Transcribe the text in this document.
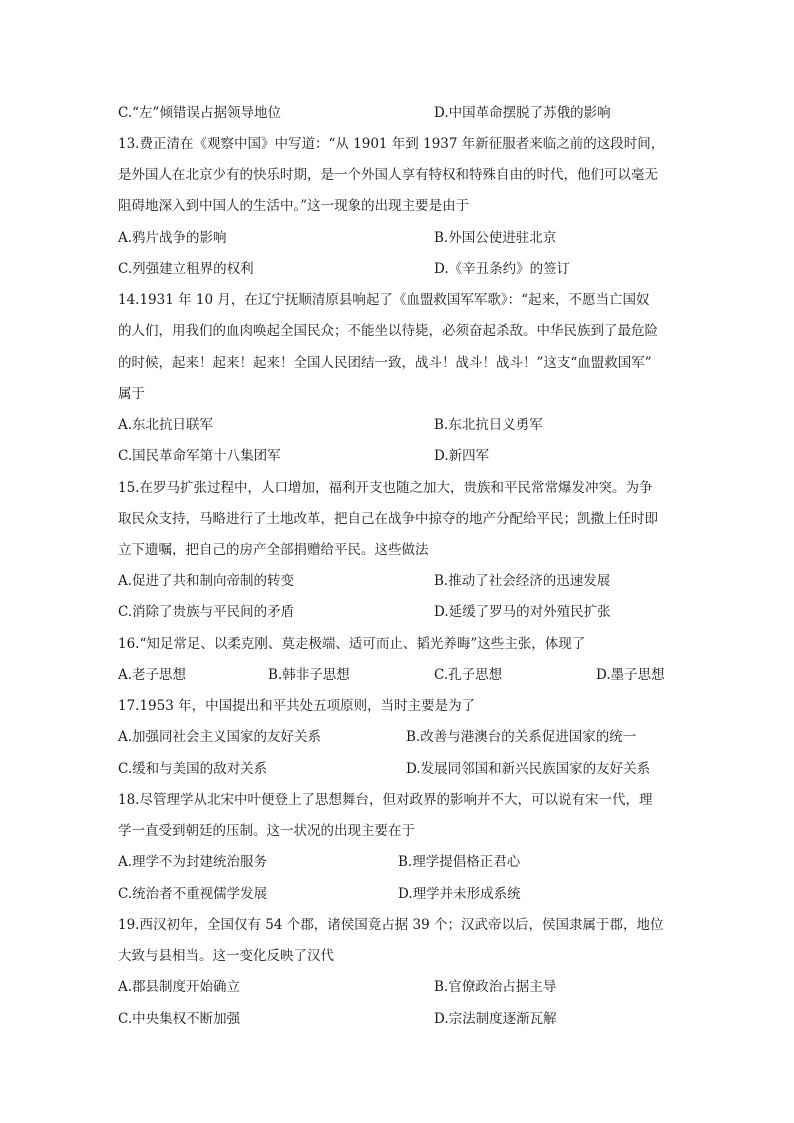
C.“左”倾错误占据领导地位	D.中国革命摆脱了苏俄的影响
13.费正清在《观察中国》中写道：“从 1901 年到 1937 年新征服者来临之前的这段时间，
是外国人在北京少有的快乐时期，是一个外国人享有特权和特殊自由的时代，他们可以毫无
阻碍地深入到中国人的生活中。”这一现象的出现主要是由于
A.鸦片战争的影响	B.外国公使进驻北京
C.列强建立租界的权利	D.《辛丑条约》的签订
14.1931 年 10 月，在辽宁抚顺清原县响起了《血盟救国军军歌》：“起来，不愿当亡国奴
的人们，用我们的血肉唤起全国民众；不能坐以待毙，必须奋起杀敌。中华民族到了最危险
的时候，起来！起来！起来！全国人民团结一致，战斗！战斗！战斗！”这支“血盟救国军”
属于
A.东北抗日联军	B.东北抗日义勇军
C.国民革命军第十八集团军	D.新四军
15.在罗马扩张过程中，人口增加，福利开支也随之加大，贵族和平民常常爆发冲突。为争
取民众支持，马略进行了土地改革，把自己在战争中掠夺的地产分配给平民；凯撒上任时即
立下遗嘱，把自己的房产全部捐赠给平民。这些做法
A.促进了共和制向帝制的转变	B.推动了社会经济的迅速发展
C.消除了贵族与平民间的矛盾	D.延缓了罗马的对外殖民扩张
16.“知足常足、以柔克刚、莫走极端、适可而止、韬光养晦”这些主张，体现了
A.老子思想	B.韩非子思想	C.孔子思想	D.墨子思想
17.1953 年，中国提出和平共处五项原则，当时主要是为了
A.加强同社会主义国家的友好关系	B.改善与港澳台的关系促进国家的统一
C.缓和与美国的敌对关系	D.发展同邻国和新兴民族国家的友好关系
18.尽管理学从北宋中叶便登上了思想舞台，但对政界的影响并不大，可以说有宋一代，理
学一直受到朝廷的压制。这一状况的出现主要在于
A.理学不为封建统治服务	B.理学提倡格正君心
C.统治者不重视儒学发展	D.理学并未形成系统
19.西汉初年，全国仅有 54 个郡，诸侯国竟占据 39 个；汉武帝以后，侯国隶属于郡，地位
大致与县相当。这一变化反映了汉代
A.郡县制度开始确立	B.官僚政治占据主导
C.中央集权不断加强	D.宗法制度逐渐瓦解
